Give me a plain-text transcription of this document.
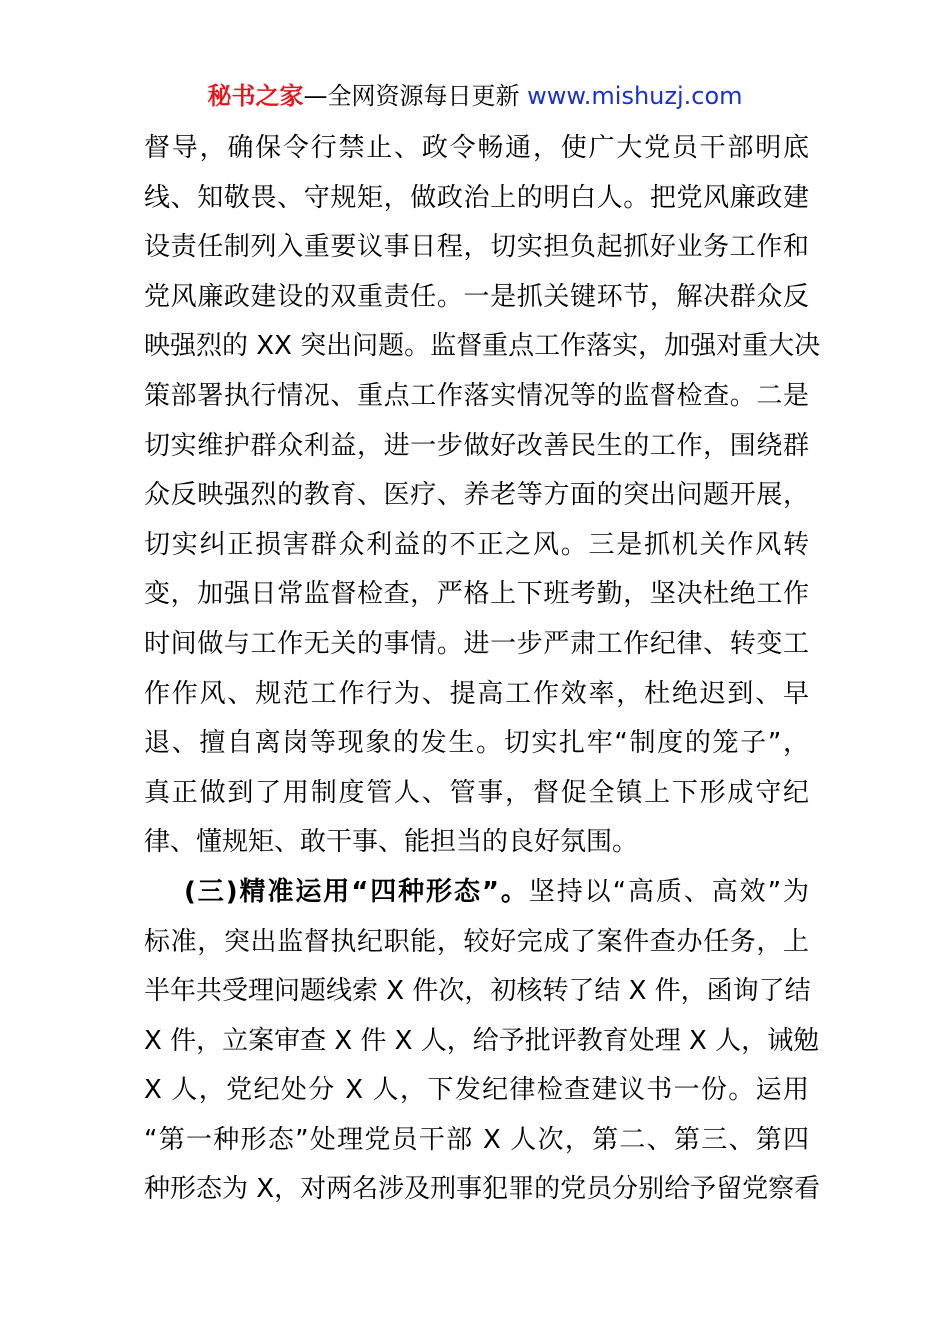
秘书之家—全网资源每日更新 www.mishuzj.com
督导，确保令行禁止、政令畅通，使广大党员干部明底
线、知敬畏、守规矩，做政治上的明白人。把党风廉政建
设责任制列入重要议事日程，切实担负起抓好业务工作和
党风廉政建设的双重责任。一是抓关键环节，解决群众反
映强烈的 XX 突出问题。监督重点工作落实，加强对重大决
策部署执行情况、重点工作落实情况等的监督检查。二是
切实维护群众利益，进一步做好改善民生的工作，围绕群
众反映强烈的教育、医疗、养老等方面的突出问题开展，
切实纠正损害群众利益的不正之风。三是抓机关作风转
变，加强日常监督检查，严格上下班考勤，坚决杜绝工作
时间做与工作无关的事情。进一步严肃工作纪律、转变工
作作风、规范工作行为、提高工作效率，杜绝迟到、早
退、擅自离岗等现象的发生。切实扎牢“制度的笼子”，
真正做到了用制度管人、管事，督促全镇上下形成守纪
律、懂规矩、敢干事、能担当的良好氛围。
(三)精准运用“四种形态”。坚持以“高质、高效”为
标准，突出监督执纪职能，较好完成了案件查办任务，上
半年共受理问题线索 X 件次，初核转了结 X 件，函询了结
X 件，立案审查 X 件 X 人，给予批评教育处理 X 人，诫勉
X 人，党纪处分 X 人，下发纪律检查建议书一份。运用
“第一种形态”处理党员干部 X 人次，第二、第三、第四
种形态为 X，对两名涉及刑事犯罪的党员分别给予留党察看
